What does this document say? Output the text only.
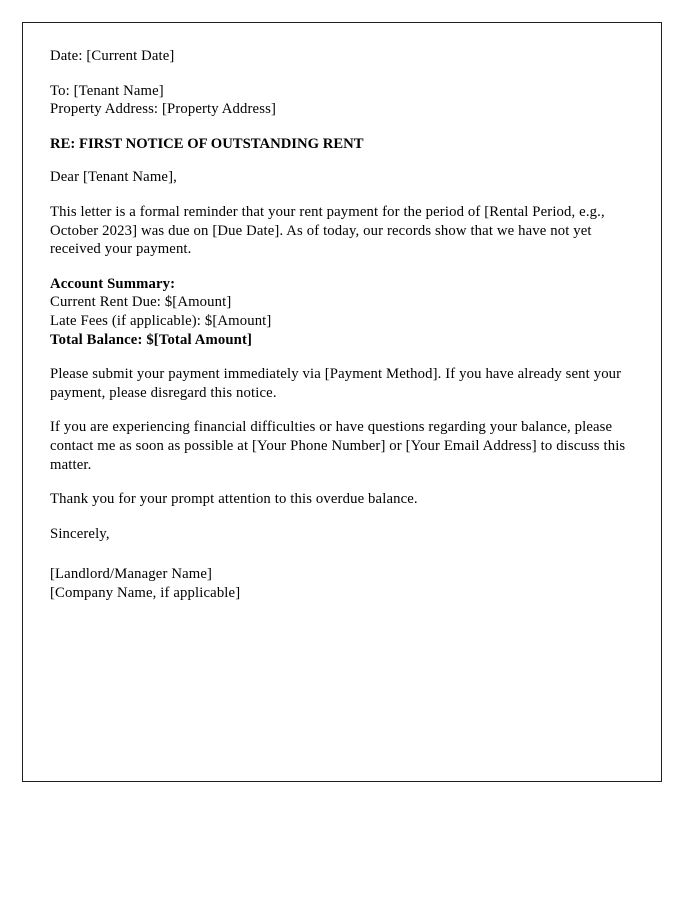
Date: [Current Date]

To: [Tenant Name]
Property Address: [Property Address]

RE: FIRST NOTICE OF OUTSTANDING RENT

Dear [Tenant Name],

This letter is a formal reminder that your rent payment for the period of [Rental Period, e.g., October 2023] was due on [Due Date]. As of today, our records show that we have not yet received your payment.

Account Summary:
Current Rent Due: $[Amount]
Late Fees (if applicable): $[Amount]
Total Balance: $[Total Amount]

Please submit your payment immediately via [Payment Method]. If you have already sent your payment, please disregard this notice.

If you are experiencing financial difficulties or have questions regarding your balance, please contact me as soon as possible at [Your Phone Number] or [Your Email Address] to discuss this matter.

Thank you for your prompt attention to this overdue balance.

Sincerely,

[Landlord/Manager Name]
[Company Name, if applicable]
